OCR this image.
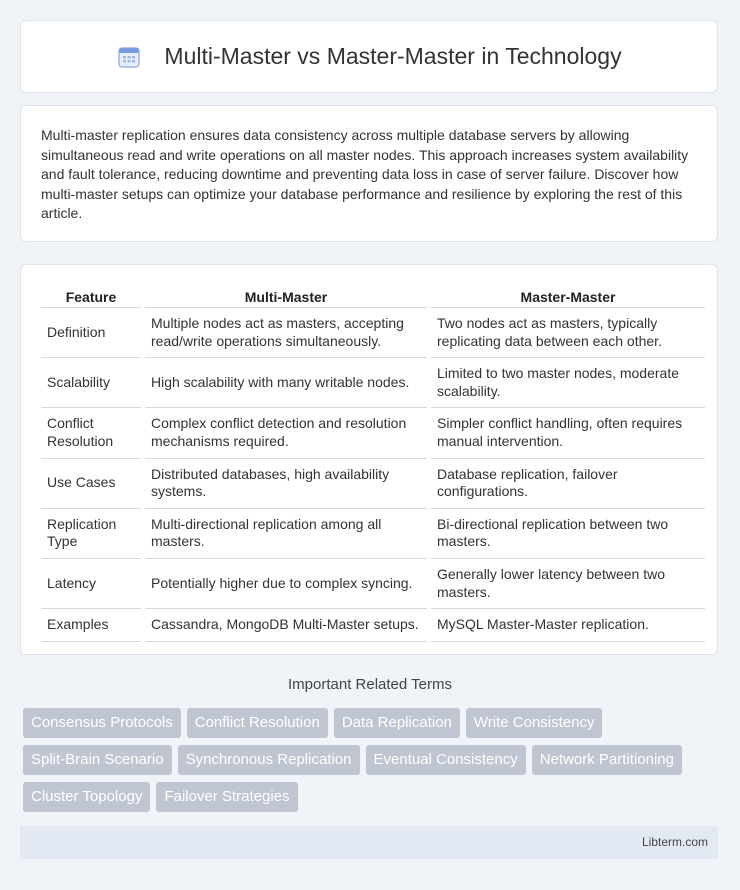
Multi-Master vs Master-Master in Technology

Multi-master replication ensures data consistency across multiple database servers by allowing simultaneous read and write operations on all master nodes. This approach increases system availability and fault tolerance, reducing downtime and preventing data loss in case of server failure. Discover how multi-master setups can optimize your database performance and resilience by exploring the rest of this article.

Feature	Multi-Master	Master-Master
Definition	Multiple nodes act as masters, accepting read/write operations simultaneously.	Two nodes act as masters, typically replicating data between each other.
Scalability	High scalability with many writable nodes.	Limited to two master nodes, moderate scalability.
Conflict Resolution	Complex conflict detection and resolution mechanisms required.	Simpler conflict handling, often requires manual intervention.
Use Cases	Distributed databases, high availability systems.	Database replication, failover configurations.
Replication Type	Multi-directional replication among all masters.	Bi-directional replication between two masters.
Latency	Potentially higher due to complex syncing.	Generally lower latency between two masters.
Examples	Cassandra, MongoDB Multi-Master setups.	MySQL Master-Master replication.
Important Related Terms
Consensus Protocols	Conflict Resolution	Data Replication	Write Consistency
Split-Brain Scenario	Synchronous Replication	Eventual Consistency	Network Partitioning
Cluster Topology	Failover Strategies
Libterm.com
